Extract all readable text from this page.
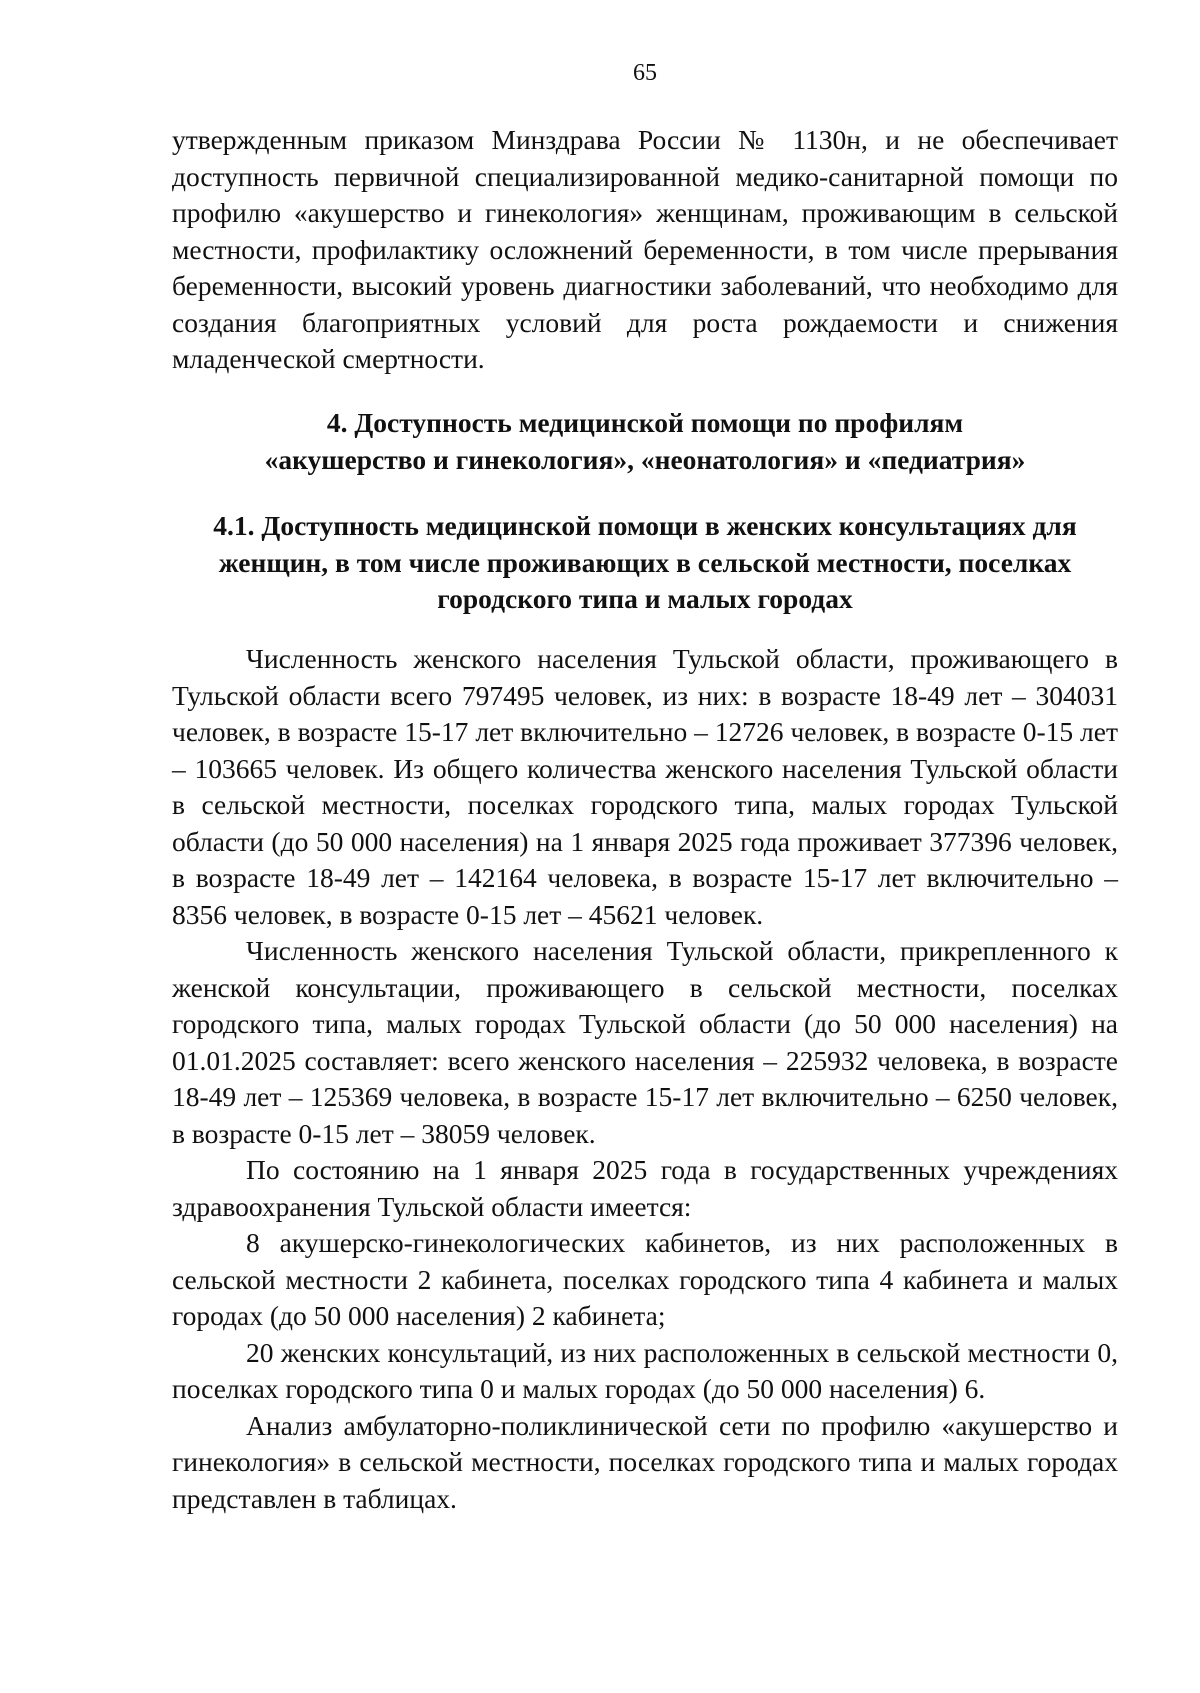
65

утвержденным приказом Минздрава России № 1130н, и не обеспечивает доступность первичной специализированной медико-санитарной помощи по профилю «акушерство и гинекология» женщинам, проживающим в сельской местности, профилактику осложнений беременности, в том числе прерывания беременности, высокий уровень диагностики заболеваний, что необходимо для создания благоприятных условий для роста рождаемости и снижения младенческой смертности.

4. Доступность медицинской помощи по профилям
«акушерство и гинекология», «неонатология» и «педиатрия»
4.1. Доступность медицинской помощи в женских консультациях для
женщин, в том числе проживающих в сельской местности, поселках
городского типа и малых городах

Численность женского населения Тульской области, проживающего в Тульской области всего 797495 человек, из них: в возрасте 18-49 лет – 304031 человек, в возрасте 15-17 лет включительно – 12726 человек, в возрасте 0-15 лет – 103665 человек. Из общего количества женского населения Тульской области в сельской местности, поселках городского типа, малых городах Тульской области (до 50 000 населения) на 1 января 2025 года проживает 377396 человек, в возрасте 18-49 лет – 142164 человека, в возрасте 15-17 лет включительно – 8356 человек, в возрасте 0-15 лет – 45621 человек.

Численность женского населения Тульской области, прикрепленного к женской консультации, проживающего в сельской местности, поселках городского типа, малых городах Тульской области (до 50 000 населения) на 01.01.2025 составляет: всего женского населения – 225932 человека, в возрасте 18-49 лет – 125369 человека, в возрасте 15-17 лет включительно – 6250 человек, в возрасте 0-15 лет – 38059 человек.

По состоянию на 1 января 2025 года в государственных учреждениях здравоохранения Тульской области имеется:

8 акушерско-гинекологических кабинетов, из них расположенных в сельской местности 2 кабинета, поселках городского типа 4 кабинета и малых городах (до 50 000 населения) 2 кабинета;

20 женских консультаций, из них расположенных в сельской местности 0, поселках городского типа 0 и малых городах (до 50 000 населения) 6.

Анализ амбулаторно-поликлинической сети по профилю «акушерство и гинекология» в сельской местности, поселках городского типа и малых городах представлен в таблицах.
